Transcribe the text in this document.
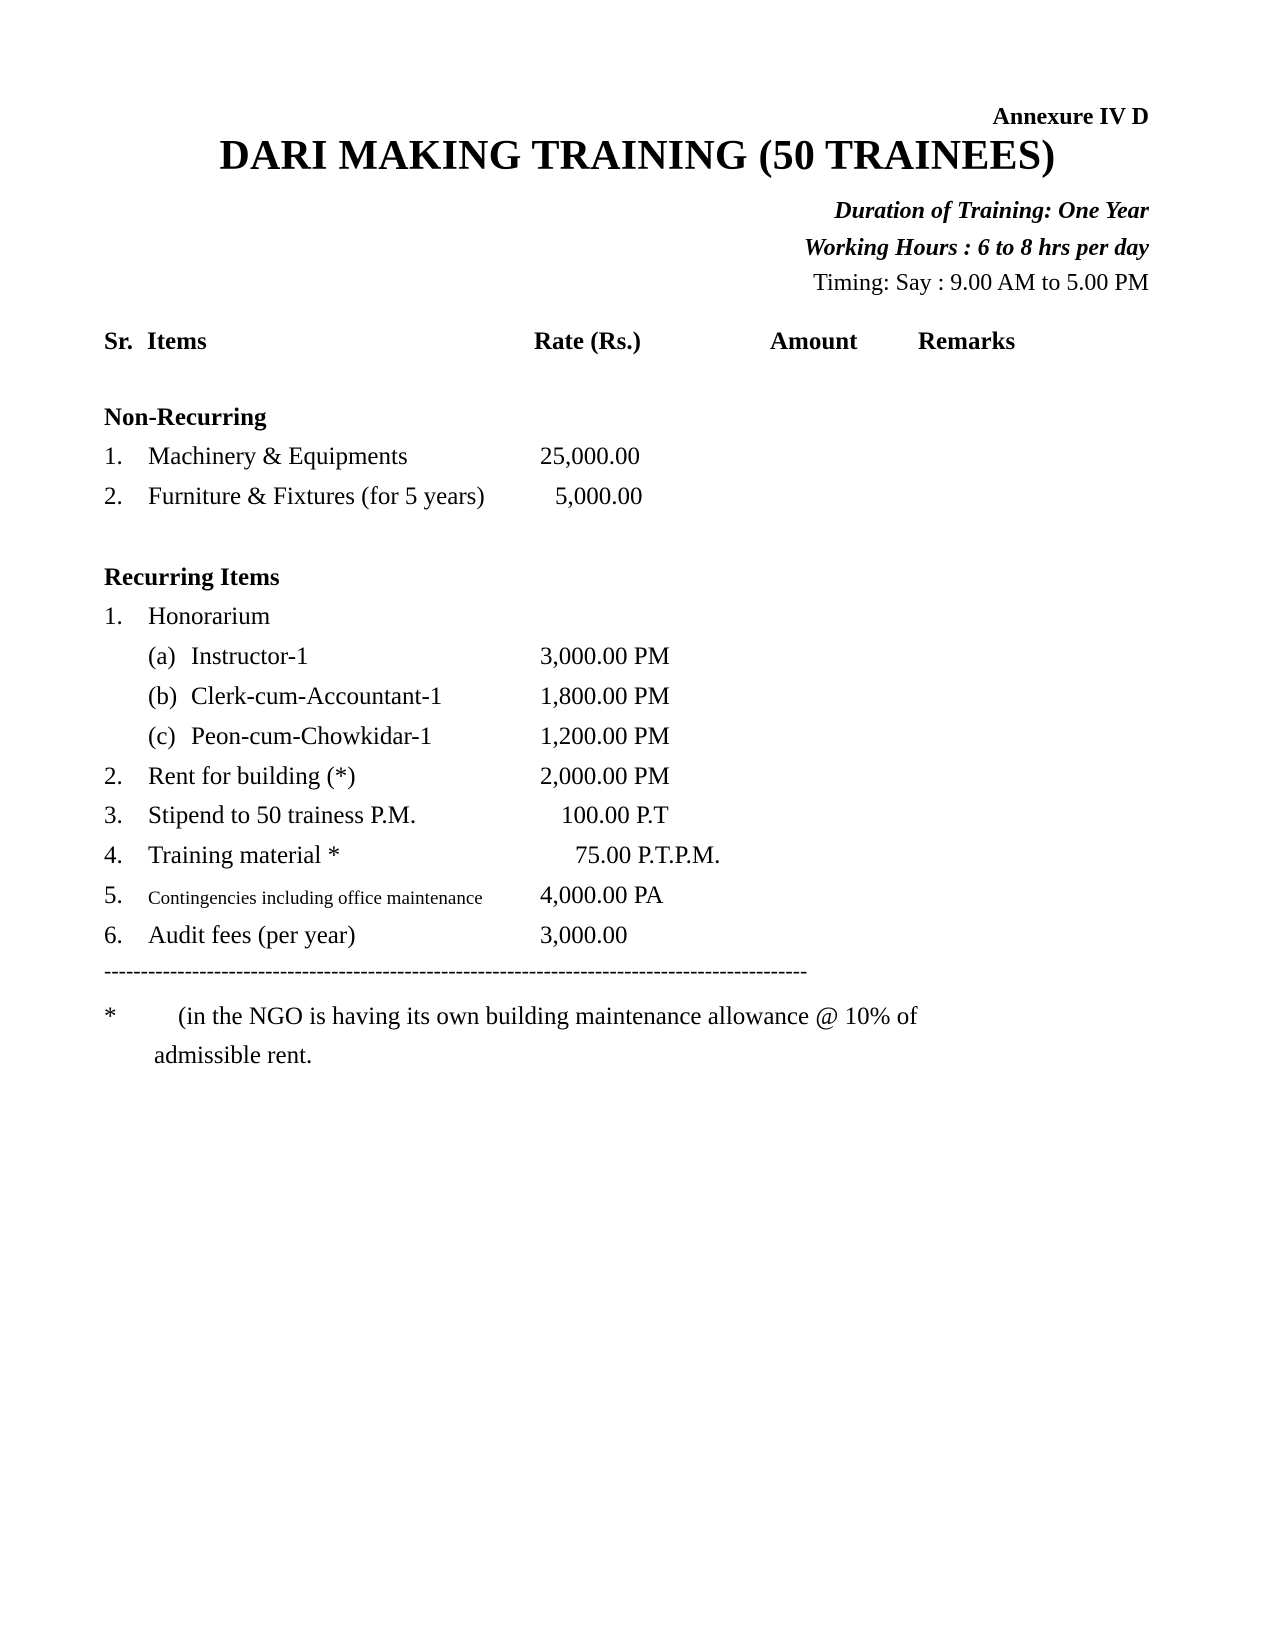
Annexure IV D
DARI MAKING TRAINING (50 TRAINEES)
Duration of Training: One Year
Working Hours : 6 to 8 hrs per day
Timing: Say : 9.00 AM to 5.00 PM
Sr. Items	Rate (Rs.)	Amount Remarks
Non-Recurring
1. Machinery & Equipments	25,000.00
2. Furniture & Fixtures (for 5 years)	5,000.00
Recurring Items
1. Honorarium
(a) Instructor-1	3,000.00 PM
(b) Clerk-cum-Accountant-1	1,800.00 PM
(c) Peon-cum-Chowkidar-1	1,200.00 PM
2. Rent for building (*)	2,000.00 PM
3. Stipend to 50 trainess P.M.	100.00 P.T
4. Training material *	75.00 P.T.P.M.
5. Contingencies including office maintenance 4,000.00 PA
6. Audit fees (per year)	3,000.00
------------------------------------------------------------------------------------------------
* (in the NGO is having its own building maintenance allowance @ 10% of
admissible rent.
